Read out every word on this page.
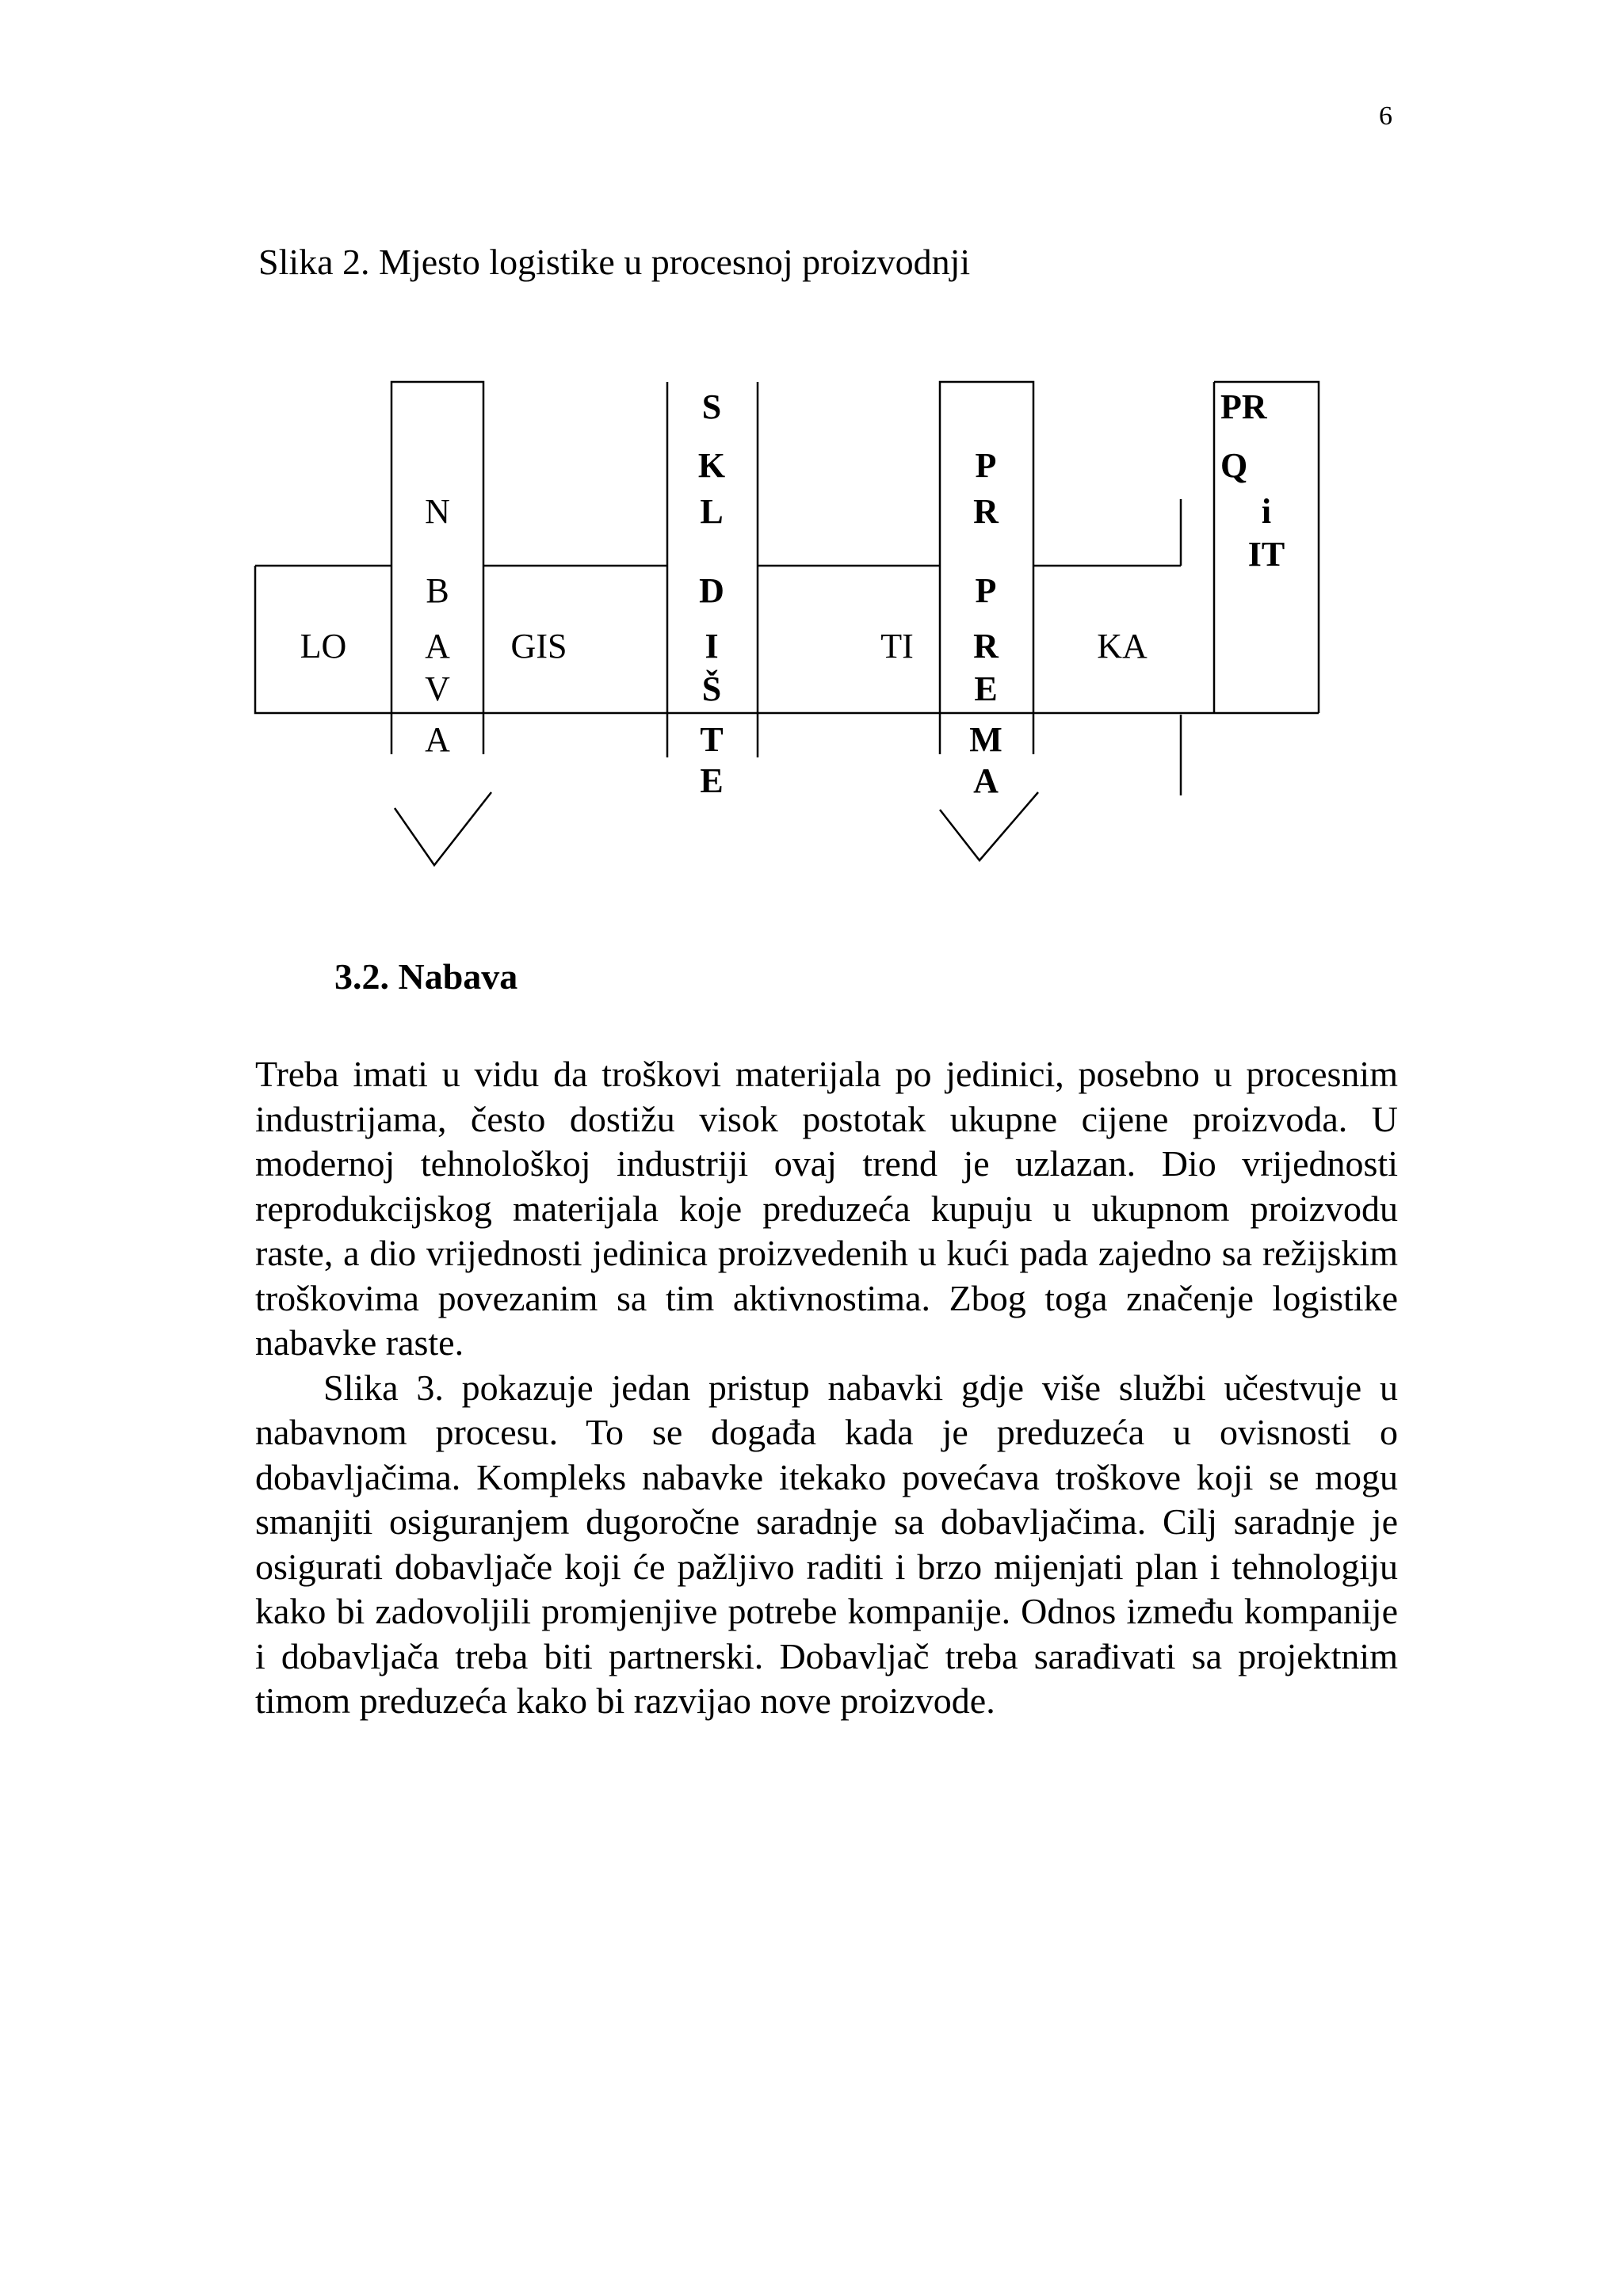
6
Slika 2. Mjesto logistike u procesnoj proizvodnji
LO	GIS	TI	KA
N
B
A
V
A
S
K
L
D
I
Š
T
E
P
R
P
R
E
M
A
PR
Q
i
IT
3.2. Nabava

Treba imati u vidu da troškovi materijala po jedinici, posebno u procesnim industrijama, često dostižu visok postotak ukupne cijene proizvoda. U modernoj tehnološkoj industriji ovaj trend je uzlazan. Dio vrijednosti reprodukcijskog materijala koje preduzeća kupuju u ukupnom proizvodu raste, a dio vrijednosti jedinica proizvedenih u kući pada zajedno sa režijskim troškovima povezanim sa tim aktivnostima. Zbog toga značenje logistike nabavke raste.

Slika 3. pokazuje jedan pristup nabavki gdje više službi učestvuje u nabavnom procesu. To se događa kada je preduzeća u ovisnosti o dobavljačima. Kompleks nabavke itekako povećava troškove koji se mogu smanjiti osiguranjem dugoročne saradnje sa dobavljačima. Cilj saradnje je osigurati dobavljače koji će pažljivo raditi i brzo mijenjati plan i tehnologiju kako bi zadovoljili promjenjive potrebe kompanije. Odnos između kompanije i dobavljača treba biti partnerski. Dobavljač treba sarađivati sa projektnim timom preduzeća kako bi razvijao nove proizvode.
